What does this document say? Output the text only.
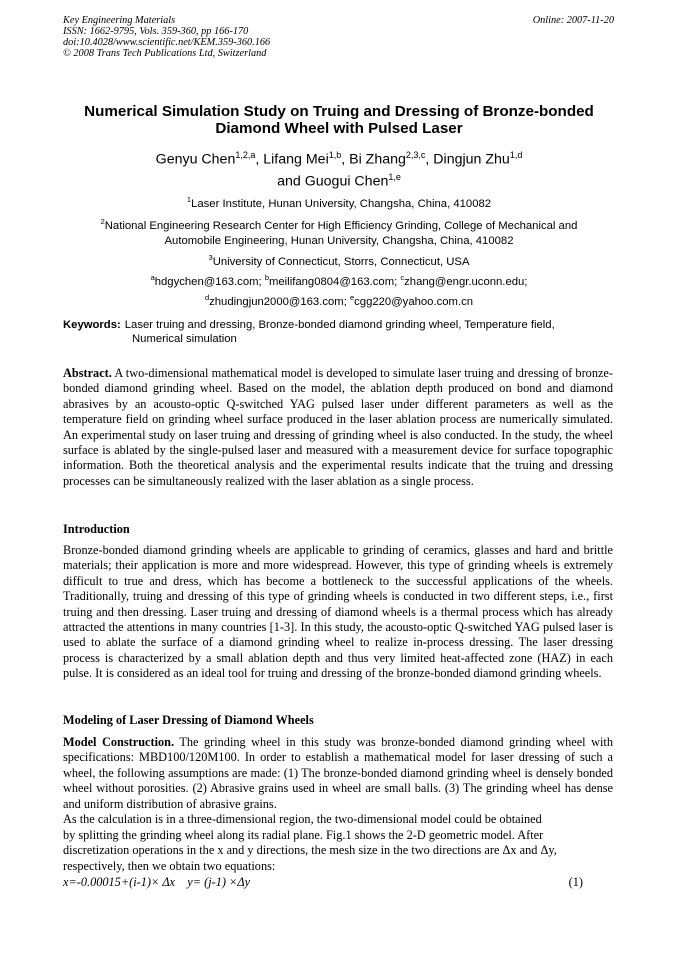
Key Engineering Materials
ISSN: 1662-9795, Vols. 359-360, pp 166-170
doi:10.4028/www.scientific.net/KEM.359-360.166
© 2008 Trans Tech Publications Ltd, Switzerland
Online: 2007-11-20
Numerical Simulation Study on Truing and Dressing of Bronze-bonded
Diamond Wheel with Pulsed Laser
Genyu Chen$^{1,2,a}$, Lifang Mei$^{1,b}$, Bi Zhang$^{2,3,c}$, Dingjun Zhu$^{1,d}$
and Guogui Chen$^{1,e}$
$^1$Laser Institute, Hunan University, Changsha, China, 410082
$^2$National Engineering Research Center for High Efficiency Grinding, College of Mechanical and
Automobile Engineering, Hunan University, Changsha, China, 410082
$^3$University of Connecticut, Storrs, Connecticut, USA
$^a$hdgychen@163.com; $^b$meilifang0804@163.com; $^c$zhang@engr.uconn.edu;
$^d$zhudingjun2000@163.com; $^e$cgg220@yahoo.com.cn
Keywords: Laser truing and dressing, Bronze-bonded diamond grinding wheel, Temperature field,
Numerical simulation
Abstract. A two-dimensional mathematical model is developed to simulate laser truing and dressing of bronze-bonded diamond grinding wheel. Based on the model, the ablation depth produced on bond and diamond abrasives by an acousto-optic Q-switched YAG pulsed laser under different parameters as well as the temperature field on grinding wheel surface produced in the laser ablation process are numerically simulated. An experimental study on laser truing and dressing of grinding wheel is also conducted. In the study, the wheel surface is ablated by the single-pulsed laser and measured with a measurement device for surface topographic information. Both the theoretical analysis and the experimental results indicate that the truing and dressing processes can be simultaneously realized with the laser ablation as a single process.
Introduction
Bronze-bonded diamond grinding wheels are applicable to grinding of ceramics, glasses and hard and brittle materials; their application is more and more widespread. However, this type of grinding wheels is extremely difficult to true and dress, which has become a bottleneck to the successful applications of the wheels. Traditionally, truing and dressing of this type of grinding wheels is conducted in two different steps, i.e., first truing and then dressing. Laser truing and dressing of diamond wheels is a thermal process which has already attracted the attentions in many countries [1-3]. In this study, the acousto-optic Q-switched YAG pulsed laser is used to ablate the surface of a diamond grinding wheel to realize in-process dressing. The laser dressing process is characterized by a small ablation depth and thus very limited heat-affected zone (HAZ) in each pulse. It is considered as an ideal tool for truing and dressing of the bronze-bonded diamond grinding wheels.
Modeling of Laser Dressing of Diamond Wheels
Model Construction. The grinding wheel in this study was bronze-bonded diamond grinding wheel with specifications: MBD100/120M100. In order to establish a mathematical model for laser dressing of such a wheel, the following assumptions are made: (1) The bronze-bonded diamond grinding wheel is densely bonded wheel without porosities. (2) Abrasive grains used in wheel are small balls. (3) The grinding wheel has dense and uniform distribution of abrasive grains.
As the calculation is in a three-dimensional region, the two-dimensional model could be obtained
by splitting the grinding wheel along its radial plane. Fig.1 shows the 2-D geometric model. After
discretization operations in the x and y directions, the mesh size in the two directions are Δx and Δy,
respectively, then we obtain two equations:
x=-0.00015+(i-1)× Δx    y= (j-1) ×Δy	(1)
